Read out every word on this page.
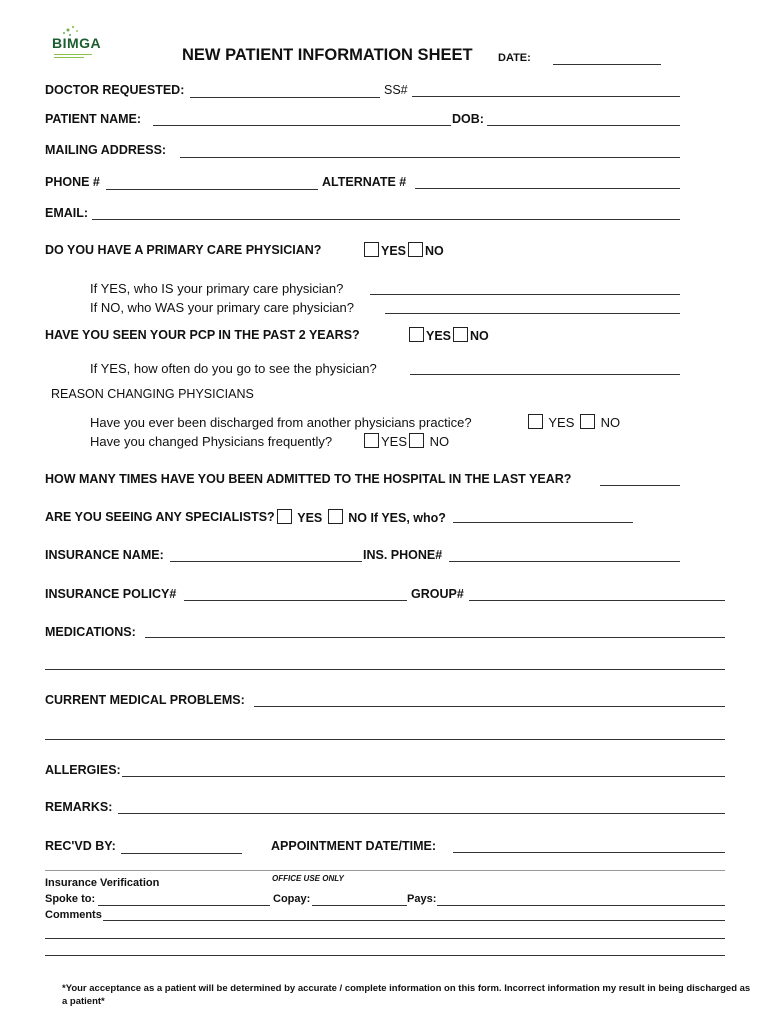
BIMGA
NEW PATIENT INFORMATION SHEET DATE:
DOCTOR REQUESTED:	SS#
PATIENT NAME:	DOB:
MAILING ADDRESS:
PHONE #	ALTERNATE #
EMAIL:
DO YOU HAVE A PRIMARY CARE PHYSICIAN?	YES NO
If YES, who IS your primary care physician?
If NO, who WAS your primary care physician?
HAVE YOU SEEN YOUR PCP IN THE PAST 2 YEARS?	YES NO
If YES, how often do you go to see the physician?
REASON CHANGING PHYSICIANS
Have you ever been discharged from another physicians practice?	YES NO
Have you changed Physicians frequently?	YES NO
HOW MANY TIMES HAVE YOU BEEN ADMITTED TO THE HOSPITAL IN THE LAST YEAR?
ARE YOU SEEING ANY SPECIALISTS?	YES NO If YES, who?
INSURANCE NAME:	INS. PHONE#
INSURANCE POLICY#	GROUP#
MEDICATIONS:
CURRENT MEDICAL PROBLEMS:
ALLERGIES:
REMARKS:
REC'VD BY:	APPOINTMENT DATE/TIME:
OFFICE USE ONLY
Insurance Verification
Spoke to:	Copay:	Pays:
Comments
*Your acceptance as a patient will be determined by accurate / complete information on this form. Incorrect information my result in being discharged as a patient*
